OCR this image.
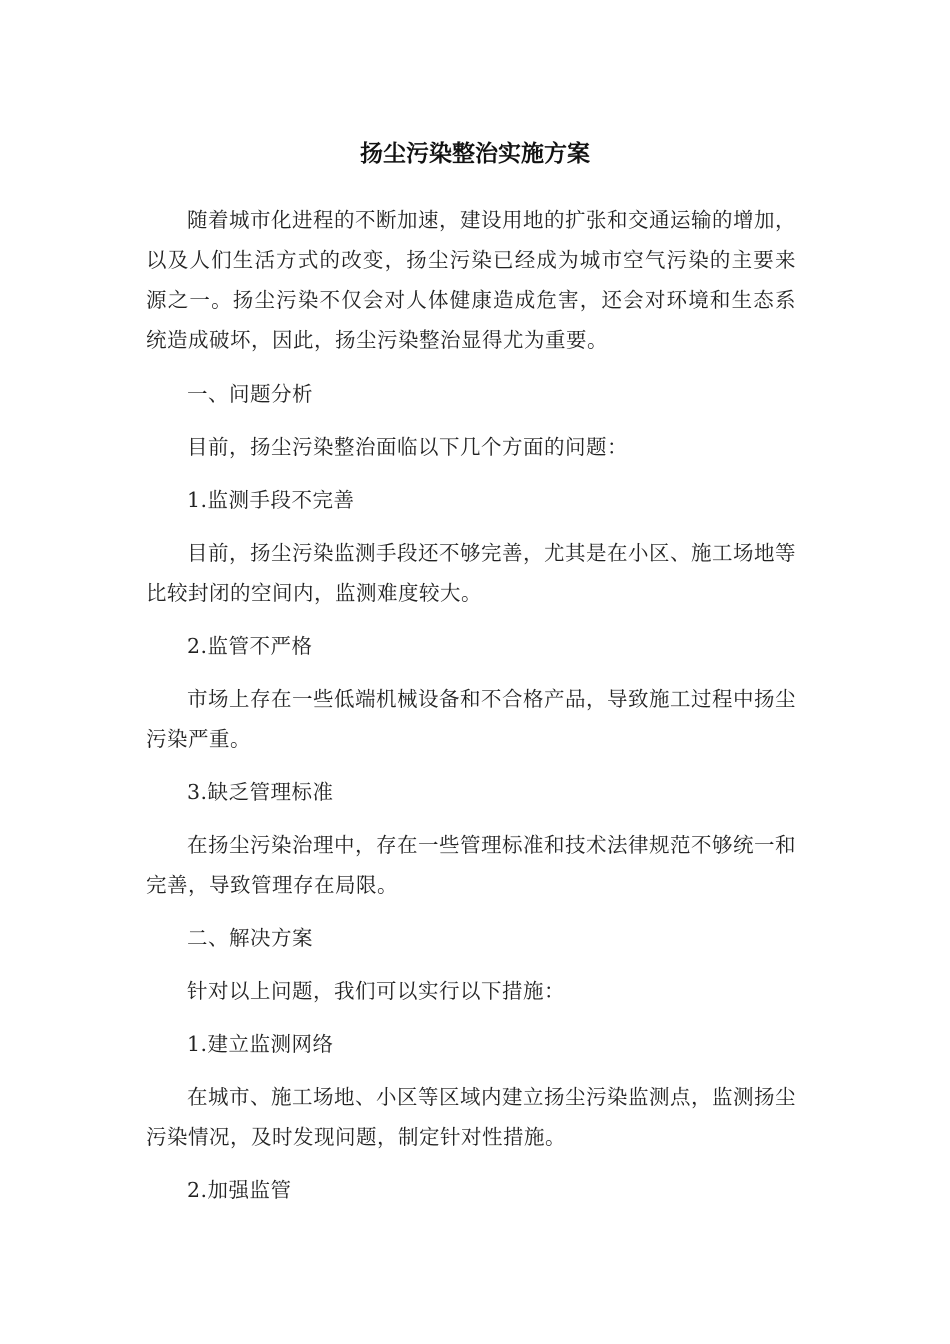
扬尘污染整治实施方案

随着城市化进程的不断加速，建设用地的扩张和交通运输的增加，以及人们生活方式的改变，扬尘污染已经成为城市空气污染的主要来源之一。扬尘污染不仅会对人体健康造成危害，还会对环境和生态系统造成破坏，因此，扬尘污染整治显得尤为重要。

一、问题分析

目前，扬尘污染整治面临以下几个方面的问题：

1.监测手段不完善

目前，扬尘污染监测手段还不够完善，尤其是在小区、施工场地等比较封闭的空间内，监测难度较大。

2.监管不严格

市场上存在一些低端机械设备和不合格产品，导致施工过程中扬尘污染严重。

3.缺乏管理标准

在扬尘污染治理中，存在一些管理标准和技术法律规范不够统一和完善，导致管理存在局限。

二、解决方案

针对以上问题，我们可以实行以下措施：

1.建立监测网络

在城市、施工场地、小区等区域内建立扬尘污染监测点，监测扬尘污染情况，及时发现问题，制定针对性措施。

2.加强监管
